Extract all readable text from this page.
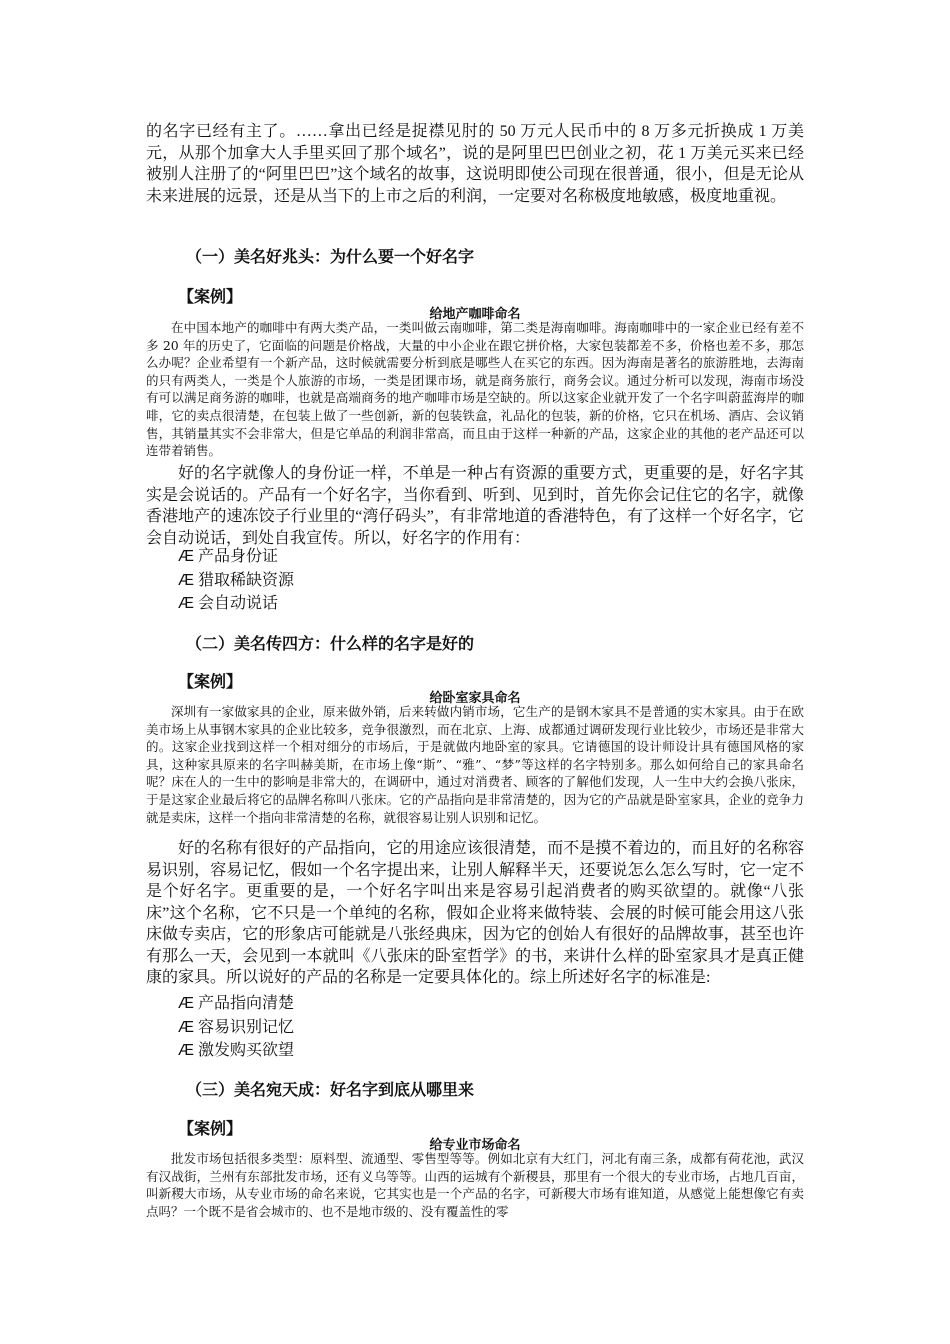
的名字已经有主了。……拿出已经是捉襟见肘的 50 万元人民币中的 8 万多元折换成 1 万美元，从那个加拿大人手里买回了那个域名”，说的是阿里巴巴创业之初，花 1 万美元买来已经被别人注册了的“阿里巴巴”这个域名的故事，这说明即使公司现在很普通，很小，但是无论从未来进展的远景，还是从当下的上市之后的利润，一定要对名称极度地敏感，极度地重视。

（一）美名好兆头：为什么要一个好名字

【案例】

给地产咖啡命名

在中国本地产的咖啡中有两大类产品，一类叫做云南咖啡，第二类是海南咖啡。海南咖啡中的一家企业已经有差不多 20 年的历史了，它面临的问题是价格战，大量的中小企业在跟它拼价格，大家包装都差不多，价格也差不多，那怎么办呢？企业希望有一个新产品，这时候就需要分析到底是哪些人在买它的东西。因为海南是著名的旅游胜地，去海南的只有两类人，一类是个人旅游的市场，一类是团课市场，就是商务旅行，商务会议。通过分析可以发现，海南市场没有可以满足商务游的咖啡，也就是高端商务的地产咖啡市场是空缺的。所以这家企业就开发了一个名字叫蔚蓝海岸的咖啡，它的卖点很清楚，在包装上做了一些创新，新的包装铁盒，礼品化的包装，新的价格，它只在机场、酒店、会议销售，其销量其实不会非常大，但是它单品的利润非常高，而且由于这样一种新的产品，这家企业的其他的老产品还可以连带着销售。

好的名字就像人的身份证一样，不单是一种占有资源的重要方式，更重要的是，好名字其实是会说话的。产品有一个好名字，当你看到、听到、见到时，首先你会记住它的名字，就像香港地产的速冻饺子行业里的“湾仔码头”，有非常地道的香港特色，有了这样一个好名字，它会自动说话，到处自我宣传。所以，好名字的作用有：

Æ 产品身份证

Æ 猎取稀缺资源

Æ 会自动说话

（二）美名传四方：什么样的名字是好的

【案例】

给卧室家具命名

深圳有一家做家具的企业，原来做外销，后来转做内销市场，它生产的是钢木家具不是普通的实木家具。由于在欧美市场上从事钢木家具的企业比较多，竞争很激烈，而在北京、上海、成都通过调研发现行业比较少，市场还是非常大的。这家企业找到这样一个相对细分的市场后，于是就做内地卧室的家具。它请德国的设计师设计具有德国风格的家具，这种家具原来的名字叫赫美斯，在市场上像“斯”、“雅”、“梦”等这样的名字特别多。那么如何给自己的家具命名呢？床在人的一生中的影响是非常大的，在调研中，通过对消费者、顾客的了解他们发现，人一生中大约会换八张床，于是这家企业最后将它的品牌名称叫八张床。它的产品指向是非常清楚的，因为它的产品就是卧室家具，企业的竞争力就是卖床，这样一个指向非常清楚的名称，就很容易让别人识别和记忆。

好的名称有很好的产品指向，它的用途应该很清楚，而不是摸不着边的，而且好的名称容易识别，容易记忆，假如一个名字提出来，让别人解释半天，还要说怎么怎么写时，它一定不是个好名字。更重要的是，一个好名字叫出来是容易引起消费者的购买欲望的。就像“八张床”这个名称，它不只是一个单纯的名称，假如企业将来做特装、会展的时候可能会用这八张床做专卖店，它的形象店可能就是八张经典床，因为它的创始人有很好的品牌故事，甚至也许有那么一天，会见到一本就叫《八张床的卧室哲学》的书，来讲什么样的卧室家具才是真正健康的家具。所以说好的产品的名称是一定要具体化的。综上所述好名字的标准是:

Æ 产品指向清楚

Æ 容易识别记忆

Æ 激发购买欲望

（三）美名宛天成：好名字到底从哪里来

【案例】

给专业市场命名

批发市场包括很多类型：原料型、流通型、零售型等等。例如北京有大红门，河北有南三条，成都有荷花池，武汉有汉战街，兰州有东部批发市场，还有义乌等等。山西的运城有个新稷县，那里有一个很大的专业市场，占地几百亩，叫新稷大市场，从专业市场的命名来说，它其实也是一个产品的名字，可新稷大市场有谁知道，从感觉上能想像它有卖点吗？一个既不是省会城市的、也不是地市级的、没有覆盖性的零
